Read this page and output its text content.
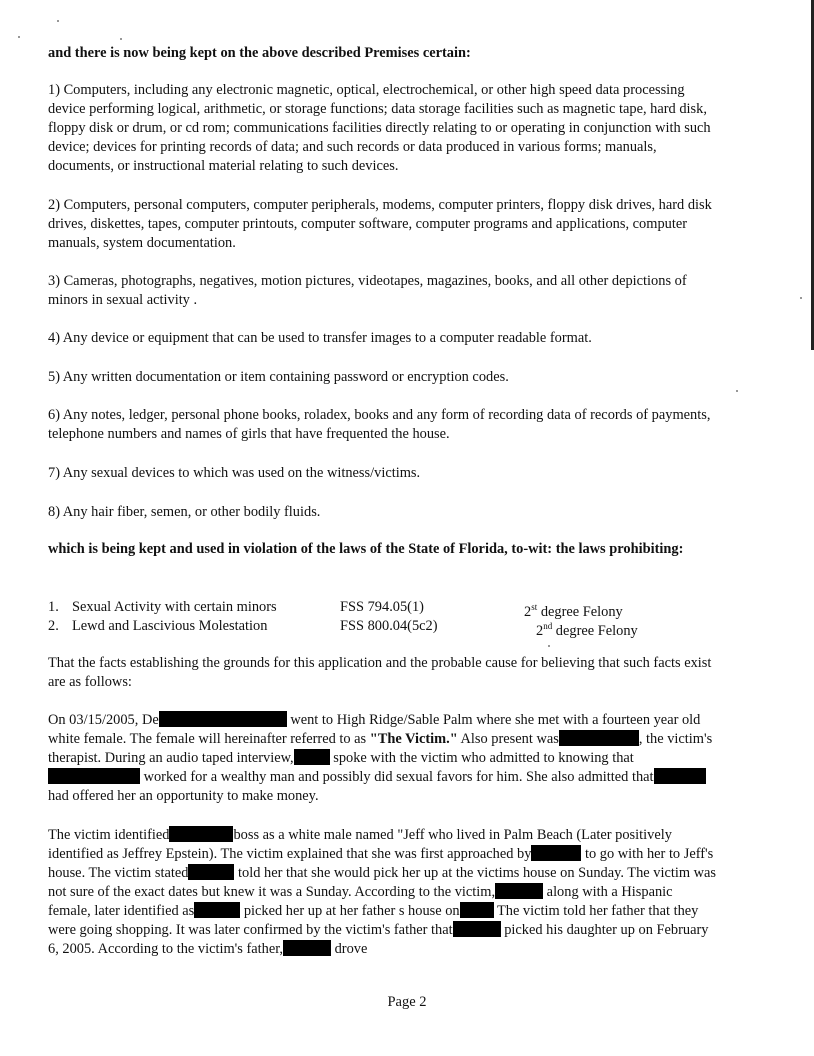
and there is now being kept on the above described Premises certain:

1) Computers, including any electronic magnetic, optical, electrochemical, or other high speed data processing device performing logical, arithmetic, or storage functions; data storage facilities such as magnetic tape, hard disk, floppy disk or drum, or cd rom; communications facilities directly relating to or operating in conjunction with such device; devices for printing records of data; and such records or data produced in various forms; manuals, documents, or instructional material relating to such devices.

2) Computers, personal computers, computer peripherals, modems, computer printers, floppy disk drives, hard disk drives, diskettes, tapes, computer printouts, computer software, computer programs and applications, computer manuals, system documentation.

3) Cameras, photographs, negatives, motion pictures, videotapes, magazines, books, and all other depictions of minors in sexual activity .

4) Any device or equipment that can be used to transfer images to a computer readable format.

5) Any written documentation or item containing password or encryption codes.

6) Any notes, ledger, personal phone books, roladex, books and any form of recording data of records of payments, telephone numbers and names of girls that have frequented the house.

7) Any sexual devices to which was used on the witness/victims.

8) Any hair fiber, semen, or other bodily fluids.

which is being kept and used in violation of the laws of the State of Florida, to-wit: the laws prohibiting:

1. Sexual Activity with certain minors	FSS 794.05(1)	2st degree Felony
2. Lewd and Lascivious Molestation	FSS 800.04(5c2)	2nd degree Felony

That the facts establishing the grounds for this application and the probable cause for believing that such facts exist are as follows:

On 03/15/2005, De	went to High Ridge/Sable Palm where she met with a fourteen year old white female. The female will hereinafter referred to as "The Victim." Also present was	, the victim's therapist. During an audio taped interview,	spoke with the victim who admitted to knowing that worked for a wealthy man and possibly did sexual favors for him. She also admitted that had offered her an opportunity to make money.

The victim identified	boss as a white male named "Jeff who lived in Palm Beach (Later positively identified as Jeffrey Epstein). The victim explained that she was first approached by	to go with her to Jeff's house. The victim stated	told her that she would pick her up at the victims house on Sunday. The victim was not sure of the exact dates but knew it was a Sunday. According to the victim,	along with a Hispanic female, later identified as	picked her up at her father s house on The victim told her father that they were going shopping. It was later confirmed by the victim's father that	picked his daughter up on February 6, 2005. According to the victim's father,	drove

Page 2
